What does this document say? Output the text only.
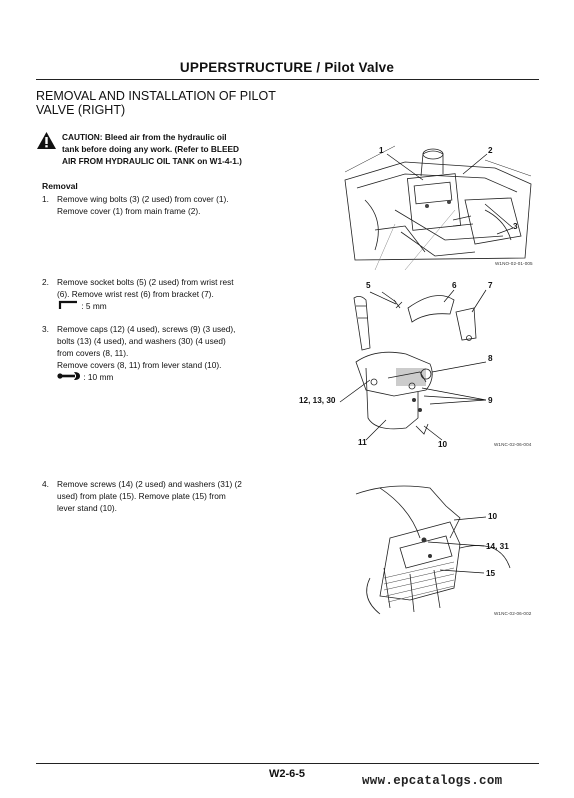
UPPERSTRUCTURE / Pilot Valve
REMOVAL AND INSTALLATION OF PILOT
VALVE (RIGHT)
CAUTION: Bleed air from the hydraulic oil
tank before doing any work. (Refer to BLEED
AIR FROM HYDRAULIC OIL TANK on W1-4-1.)
Removal
1. Remove wing bolts (3) (2 used) from cover (1).
Remove cover (1) from main frame (2).
2. Remove socket bolts (5) (2 used) from wrist rest
(6). Remove wrist rest (6) from bracket (7).
: 5 mm
3. Remove caps (12) (4 used), screws (9) (3 used),
bolts (13) (4 used), and washers (30) (4 used)
from covers (8, 11).
Remove covers (8, 11) from lever stand (10).
: 10 mm
4. Remove screws (14) (2 used) and washers (31) (2
used) from plate (15). Remove plate (15) from
lever stand (10).
1	2
3
W1NO-02-01-005
5	6	7
8
9
12, 13, 30
11	10	W1NC-02-06-004
10
14, 31
15
W1NC-02-06-002
W2-6-5	www.epcatalogs.com
